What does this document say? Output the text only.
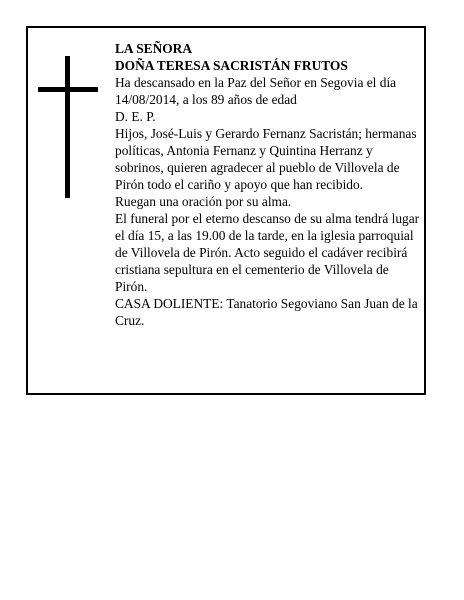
LA SEÑORA

DOÑA TERESA SACRISTÁN FRUTOS

Ha descansado en la Paz del Señor en Segovia el día 14/08/2014, a los 89 años de edad

D. E. P.

Hijos, José-Luis y Gerardo Fernanz Sacristán; hermanas políticas, Antonia Fernanz y Quintina Herranz y sobrinos, quieren agradecer al pueblo de Villovela de Pirón todo el cariño y apoyo que han recibido.

Ruegan una oración por su alma.

El funeral por el eterno descanso de su alma tendrá lugar el día 15, a las 19.00 de la tarde, en la iglesia parroquial de Villovela de Pirón. Acto seguido el cadáver recibirá cristiana sepultura en el cementerio de Villovela de Pirón.

CASA DOLIENTE: Tanatorio Segoviano San Juan de la Cruz.
